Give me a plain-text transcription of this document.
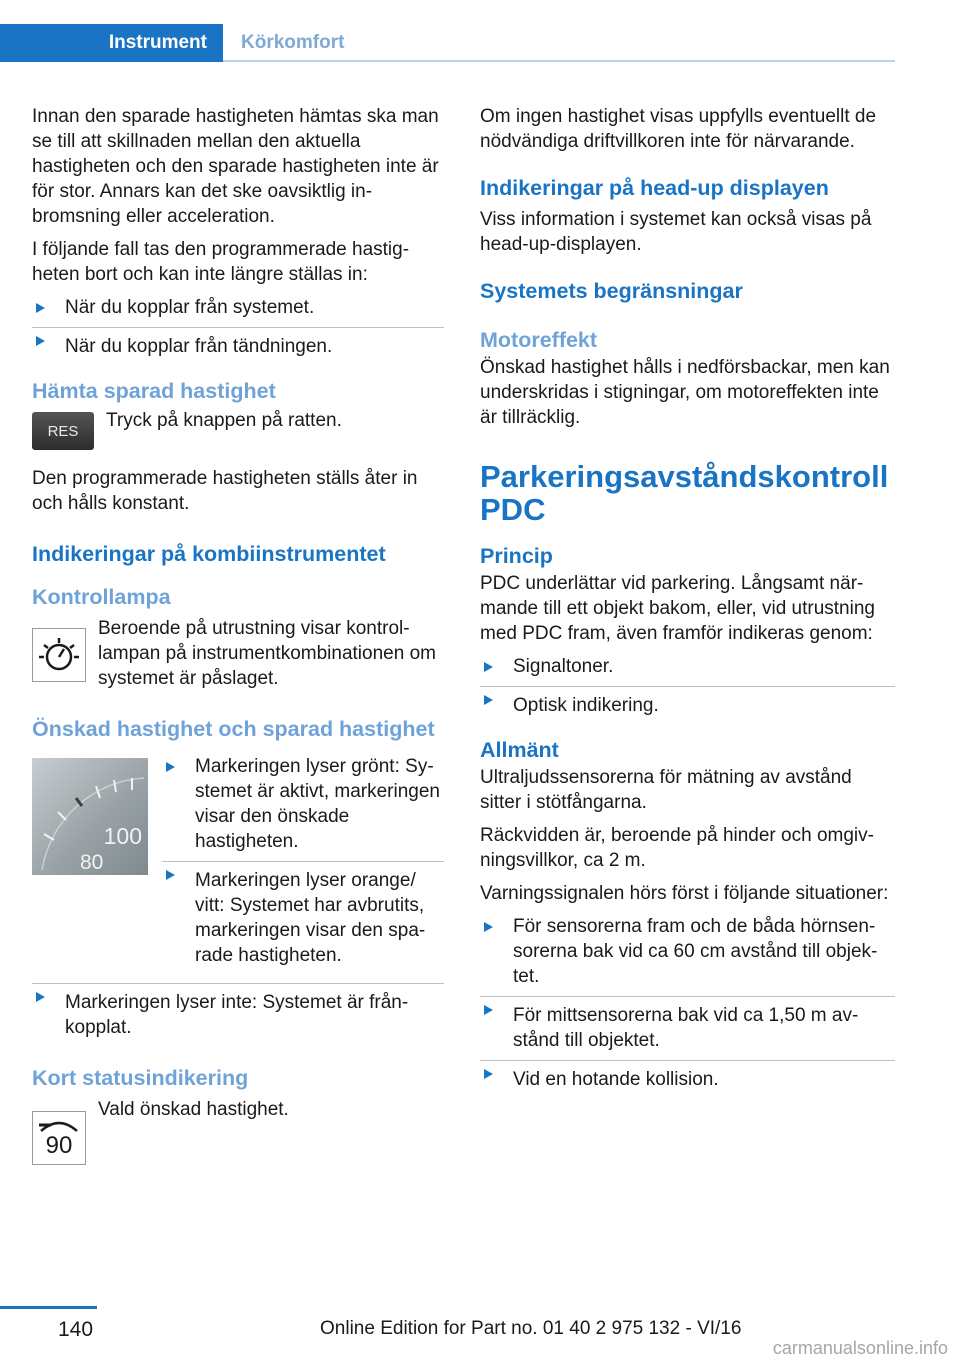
Instrument	Körkomfort

Innan den sparade hastigheten hämtas ska man se till att skillnaden mellan den aktuella hastigheten och den sparade hastigheten inte är för stor. Annars kan det ske oavsiktlig inbromsning eller acceleration.

I följande fall tas den programmerade hastigheten bort och kan inte längre ställas in:

När du kopplar från systemet.
När du kopplar från tändningen.
Hämta sparad hastighet
RES	Tryck på knappen på ratten.

Den programmerade hastigheten ställs åter in och hålls konstant.

Indikeringar på kombiinstrumentet
Kontrollampa
Beroende på utrustning visar kontrollampan på instrumentkombinationen om systemet är påslaget.
Önskad hastighet och sparad hastighet
100
80
Markeringen lyser grönt: Systemet är aktivt, markeringen visar den önskade hastigheten.
Markeringen lyser orange/ vitt: Systemet har avbrutits, markeringen visar den sparade hastigheten.
Markeringen lyser inte: Systemet är frånkopplat.
Kort statusindikering
90
Vald önskad hastighet.

Om ingen hastighet visas uppfylls eventuellt de nödvändiga driftvillkoren inte för närvarande.

Indikeringar på head-up displayen

Viss information i systemet kan också visas på head-up-displayen.

Systemets begränsningar
Motoreffekt

Önskad hastighet hålls i nedförsbackar, men kan underskridas i stigningar, om motoreffekten inte är tillräcklig.

Parkeringsavståndskontroll PDC
Princip

PDC underlättar vid parkering. Långsamt närmande till ett objekt bakom, eller, vid utrustning med PDC fram, även framför indikeras genom:

Signaltoner.
Optisk indikering.
Allmänt

Ultraljudssensorerna för mätning av avstånd sitter i stötfångarna.

Räckvidden är, beroende på hinder och omgivningsvillkor, ca 2 m.

Varningssignalen hörs först i följande situationer:

För sensorerna fram och de båda hörnsensorerna bak vid ca 60 cm avstånd till objektet.
För mittsensorerna bak vid ca 1,50 m avstånd till objektet.
Vid en hotande kollision.
140	Online Edition for Part no. 01 40 2 975 132 - VI/16
carmanualsonline.info
